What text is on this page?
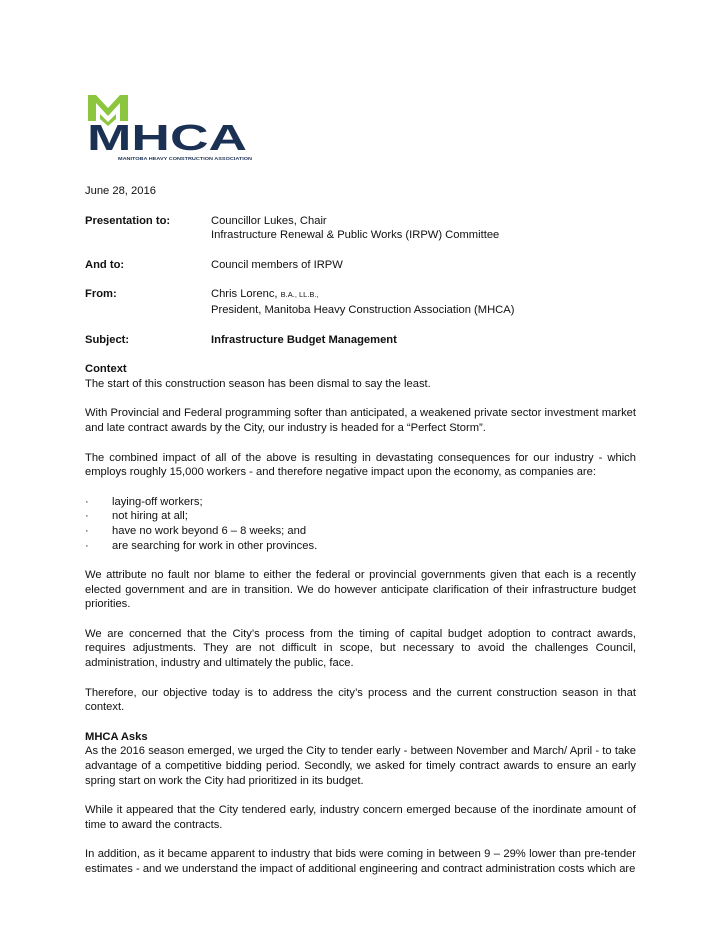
MHCA
MANITOBA HEAVY CONSTRUCTION ASSOCIATION

June 28, 2016

Presentation to:	Councillor Lukes, Chair
Infrastructure Renewal & Public Works (IRPW) Committee
And to:	Council members of IRPW
From:	Chris Lorenc, B.A., LL.B.,
President, Manitoba Heavy Construction Association (MHCA)
Subject:	Infrastructure Budget Management

Context

The start of this construction season has been dismal to say the least.

With Provincial and Federal programming softer than anticipated, a weakened private sector investment market and late contract awards by the City, our industry is headed for a “Perfect Storm”.

The combined impact of all of the above is resulting in devastating consequences for our industry - which employs roughly 15,000 workers - and therefore negative impact upon the economy, as companies are:

·	laying-off workers;
·	not hiring at all;
·	have no work beyond 6 – 8 weeks; and
·	are searching for work in other provinces.

We attribute no fault nor blame to either the federal or provincial governments given that each is a recently elected government and are in transition. We do however anticipate clarification of their infrastructure budget priorities.

We are concerned that the City’s process from the timing of capital budget adoption to contract awards, requires adjustments. They are not difficult in scope, but necessary to avoid the challenges Council, administration, industry and ultimately the public, face.

Therefore, our objective today is to address the city’s process and the current construction season in that context.

MHCA Asks

As the 2016 season emerged, we urged the City to tender early - between November and March/ April - to take advantage of a competitive bidding period. Secondly, we asked for timely contract awards to ensure an early spring start on work the City had prioritized in its budget.

While it appeared that the City tendered early, industry concern emerged because of the inordinate amount of time to award the contracts.

In addition, as it became apparent to industry that bids were coming in between 9 – 29% lower than pre-tender estimates - and we understand the impact of additional engineering and contract administration costs which are
